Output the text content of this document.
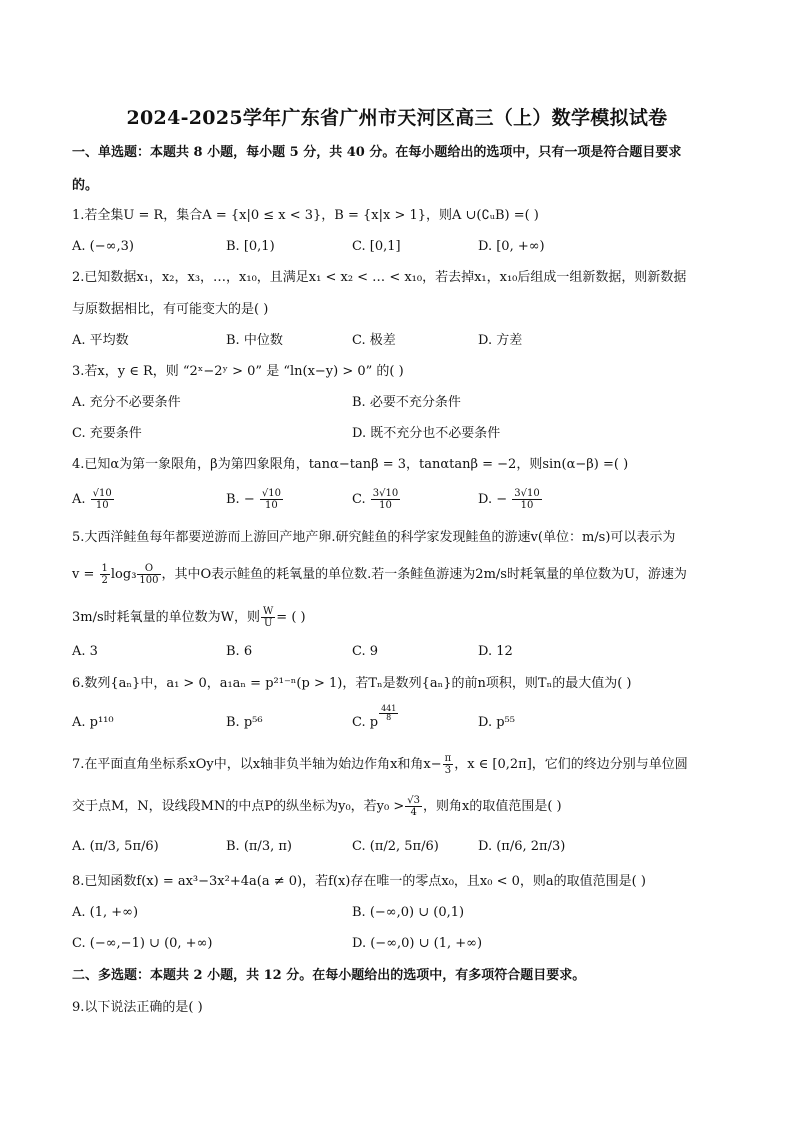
2024-2025学年广东省广州市天河区高三（上）数学模拟试卷
一、单选题：本题共 8 小题，每小题 5 分，共 40 分。在每小题给出的选项中，只有一项是符合题目要求
的。
1.若全集U = R，集合A = {x|0 ≤ x < 3}，B = {x|x > 1}，则A ∪(∁ᵤB) =( )
A. (−∞,3)	B. [0,1)	C. [0,1]	D. [0, +∞)
2.已知数据x₁，x₂，x₃，…，x₁₀，且满足x₁ < x₂ < … < x₁₀，若去掉x₁，x₁₀后组成一组新数据，则新数据
与原数据相比，有可能变大的是( )
A. 平均数	B. 中位数	C. 极差	D. 方差
3.若x，y ∈ R，则 “2ˣ−2ʸ > 0” 是 “ln(x−y) > 0” 的( )
A. 充分不必要条件	B. 必要不充分条件
C. 充要条件	D. 既不充分也不必要条件
4.已知α为第一象限角，β为第四象限角，tanα−tanβ = 3，tanαtanβ = −2，则sin(α−β) =( )
A. $\frac{√10}{10}$	B. − $\frac{√10}{10}$	C. $\frac{3√10}{10}$	D. − $\frac{3√10}{10}$
5.大西洋鲑鱼每年都要逆游而上游回产地产卵.研究鲑鱼的科学家发现鲑鱼的游速v(单位：m/s)可以表示为
$v = \frac{1}{2} \log_3 \frac{O}{100}$ ，其中O表示鲑鱼的耗氧量的单位数.若一条鲑鱼游速为2m/s时耗氧量的单位数为U，游速为
3m/s时耗氧量的单位数为W，则 $\frac{W}{U}$ = ( )
A. 3	B. 6	C. 9	D. 12
6.数列{aₙ}中，a₁ > 0，a₁aₙ = p²¹⁻ⁿ(p > 1)，若Tₙ是数列{aₙ}的前n项积，则Tₙ的最大值为( )
A. p¹¹⁰	B. p⁵⁶	C. p
$\frac{441}{8}$
D. p⁵⁵
7.在平面直角坐标系xOy中，以x轴非负半轴为始边作角x和角$x- \frac{\pi}{3}$ ，x ∈ [0,2π]，它们的终边分别与单位圆
交于点M，N，设线段MN的中点P的纵坐标为y₀，若$y_0 > \frac{√3}{4}$ ，则角x的取值范围是( )
A. (π/3, 5π/6)	B. (π/3, π)	C. (π/2, 5π/6)	D. (π/6, 2π/3)
8.已知函数f(x) = ax³−3x²+4a(a ≠ 0)，若f(x)存在唯一的零点x₀，且x₀ < 0，则a的取值范围是( )
A. (1, +∞)	B. (−∞,0) ∪ (0,1)
C. (−∞,−1) ∪ (0, +∞)	D. (−∞,0) ∪ (1, +∞)
二、多选题：本题共 2 小题，共 12 分。在每小题给出的选项中，有多项符合题目要求。
9.以下说法正确的是( )
